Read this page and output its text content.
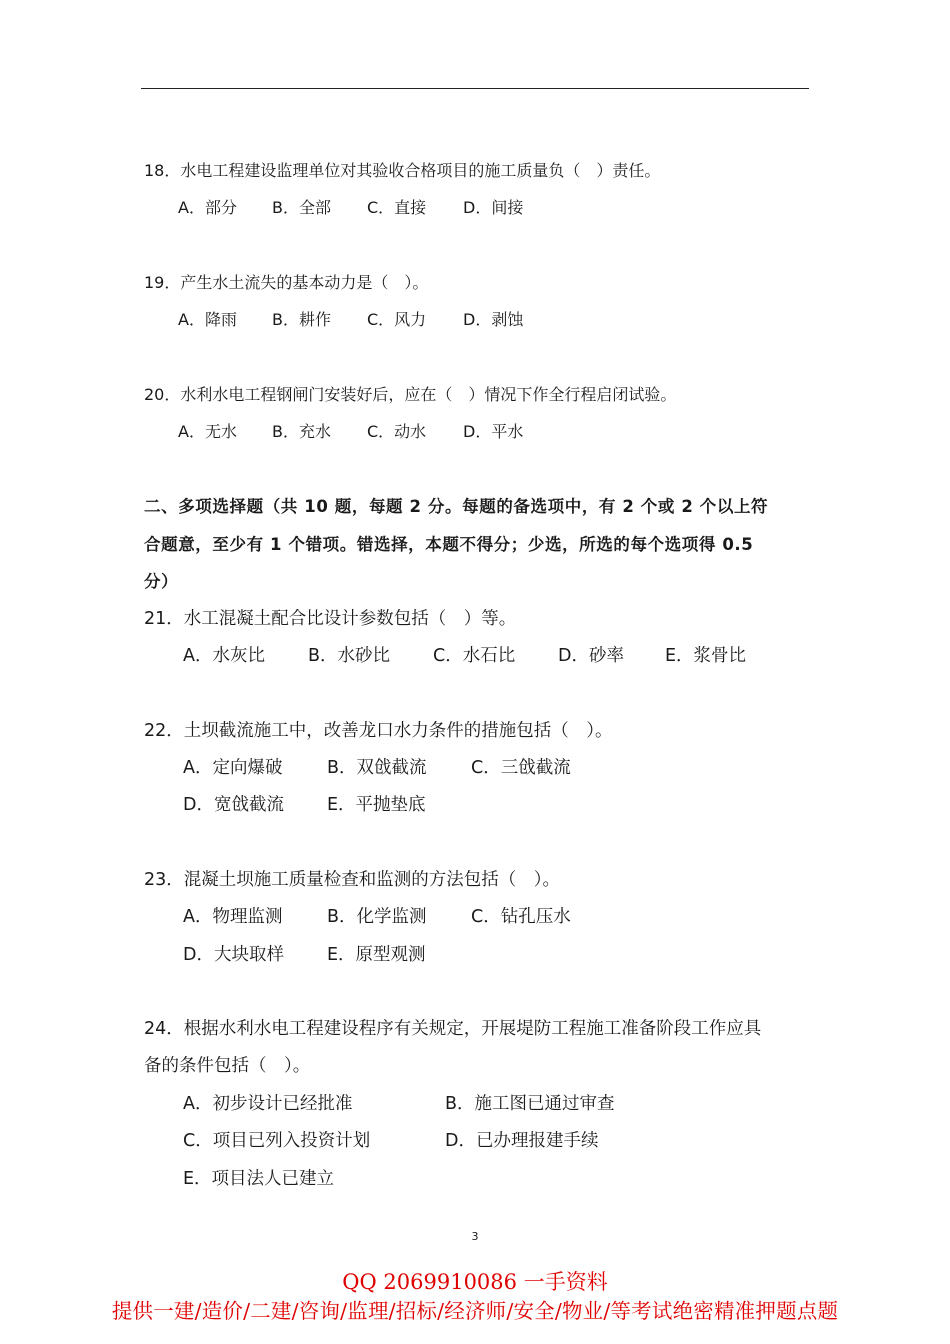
18．水电工程建设监理单位对其验收合格项目的施工质量负（　）责任。
A．部分 B．全部 C．直接 D．间接
19．产生水土流失的基本动力是（　）。
A．降雨 B．耕作 C．风力 D．剥蚀
20．水利水电工程钢闸门安装好后，应在（　）情况下作全行程启闭试验。
A．无水 B．充水 C．动水 D．平水
二、多项选择题（共 10 题，每题 2 分。每题的备选项中，有 2 个或 2 个以上符
合题意，至少有 1 个错项。错选择，本题不得分；少选，所选的每个选项得 0.5
分）
21．水工混凝土配合比设计参数包括（　）等。
A．水灰比 B．水砂比 C．水石比 D．砂率 E．浆骨比
22．土坝截流施工中，改善龙口水力条件的措施包括（　）。
A．定向爆破	B．双戗截流	C．三戗截流
D．宽戗截流 E．平抛垫底
23．混凝土坝施工质量检查和监测的方法包括（　）。
A．物理监测	B．化学监测	C．钻孔压水
D．大块取样 E．原型观测
24．根据水利水电工程建设程序有关规定，开展堤防工程施工准备阶段工作应具
备的条件包括（　）。
A．初步设计已经批准	B．施工图已通过审查
C．项目已列入投资计划	D．已办理报建手续
E．项目法人已建立
3
QQ 2069910086 一手资料
提供一建/造价/二建/咨询/监理/招标/经济师/安全/物业/等考试绝密精准押题点题
